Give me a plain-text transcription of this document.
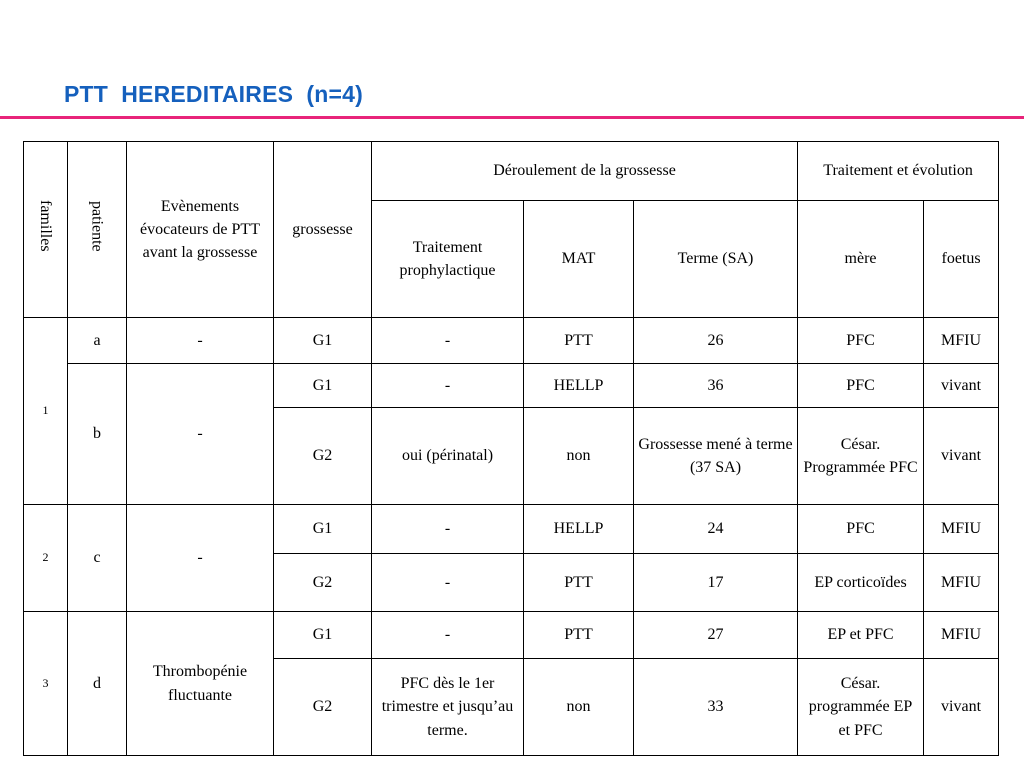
PTT  HEREDITAIRES  (n=4)
familles	patiente	Evènements évocateurs de PTT avant la grossesse	grossesse	Déroulement de la grossesse			Traitement et évolution	
				Traitement prophylactique	MAT	Terme (SA)	mère	foetus
1	a	-	G1	-	PTT	26	PFC	MFIU
	b	-	G1	-	HELLP	36	PFC	vivant
			G2	oui (périnatal)	non	Grossesse mené à terme (37 SA)	César. Programmée PFC	vivant
2	c	-	G1	-	HELLP	24	PFC	MFIU
			G2	-	PTT	17	EP corticoïdes	MFIU
3	d	Thrombopénie fluctuante	G1	-	PTT	27	EP et PFC	MFIU
			G2	PFC dès le 1er trimestre et jusqu’au terme.	non	33	César. programmée EP et PFC	vivant
